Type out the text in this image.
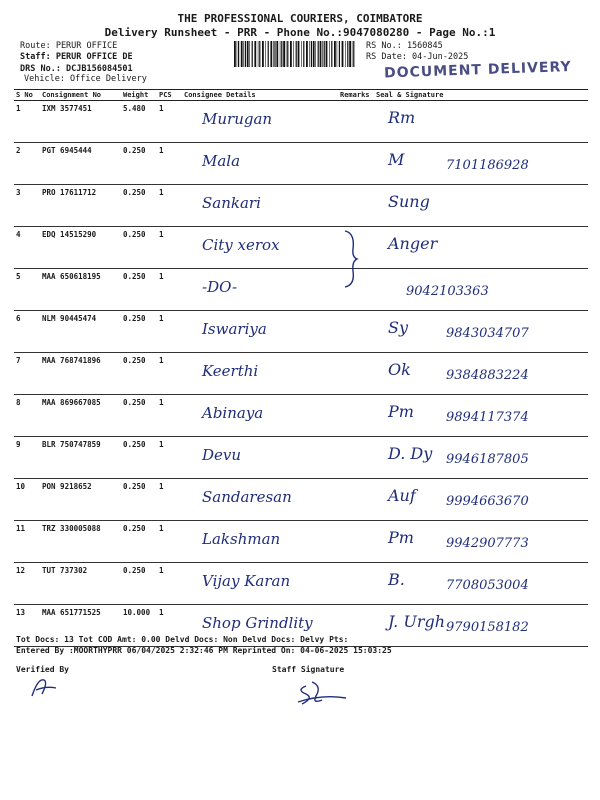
THE PROFESSIONAL COURIERS, COIMBATORE
Delivery Runsheet - PRR - Phone No.:9047080280 - Page No.:1
Route: PERUR OFFICE
Staff: PERUR OFFICE DE
DRS No.: DCJB156084501
Vehicle: Office Delivery
RS No.: 1560845
RS Date: 04-Jun-2025
DOCUMENT DELIVERY
S No	Consignment No	Weight	PCS	Consignee Details	Remarks	Seal & Signature
1	IXM 3577451	5.480	1	Murugan		Rm

2	PGT 6945444	0.250	1	Mala		M 7101186928

3	PRO 17611712	0.250	1	Sankari		Sung

4	EDQ 14515290	0.250	1	City xerox		Anger

5	MAA 650618195	0.250	1	-DO-		9042103363

6	NLM 90445474	0.250	1	Iswariya		Sy 9843034707

7	MAA 768741896	0.250	1	Keerthi		Ok 9384883224

8	MAA 869667085	0.250	1	Abinaya		Pm 9894117374

9	BLR 750747859	0.250	1	Devu		D. Dy 9946187805

10	PON 9218652	0.250	1	Sandaresan		Auf 9994663670

11	TRZ 330005088	0.250	1	Lakshman		Pm 9942907773

12	TUT 737302	0.250	1	Vijay Karan		B. 7708053004

13	MAA 651771525	10.000	1	Shop Grindlity		J. Urgh 9790158182
Tot Docs: 13 Tot COD Amt: 0.00 Delvd Docs: Non Delvd Docs: Delvy Pts:
Entered By :MOORTHYPRR 06/04/2025 2:32:46 PM Reprinted On: 04-06-2025 15:03:25
Verified By	Staff Signature
